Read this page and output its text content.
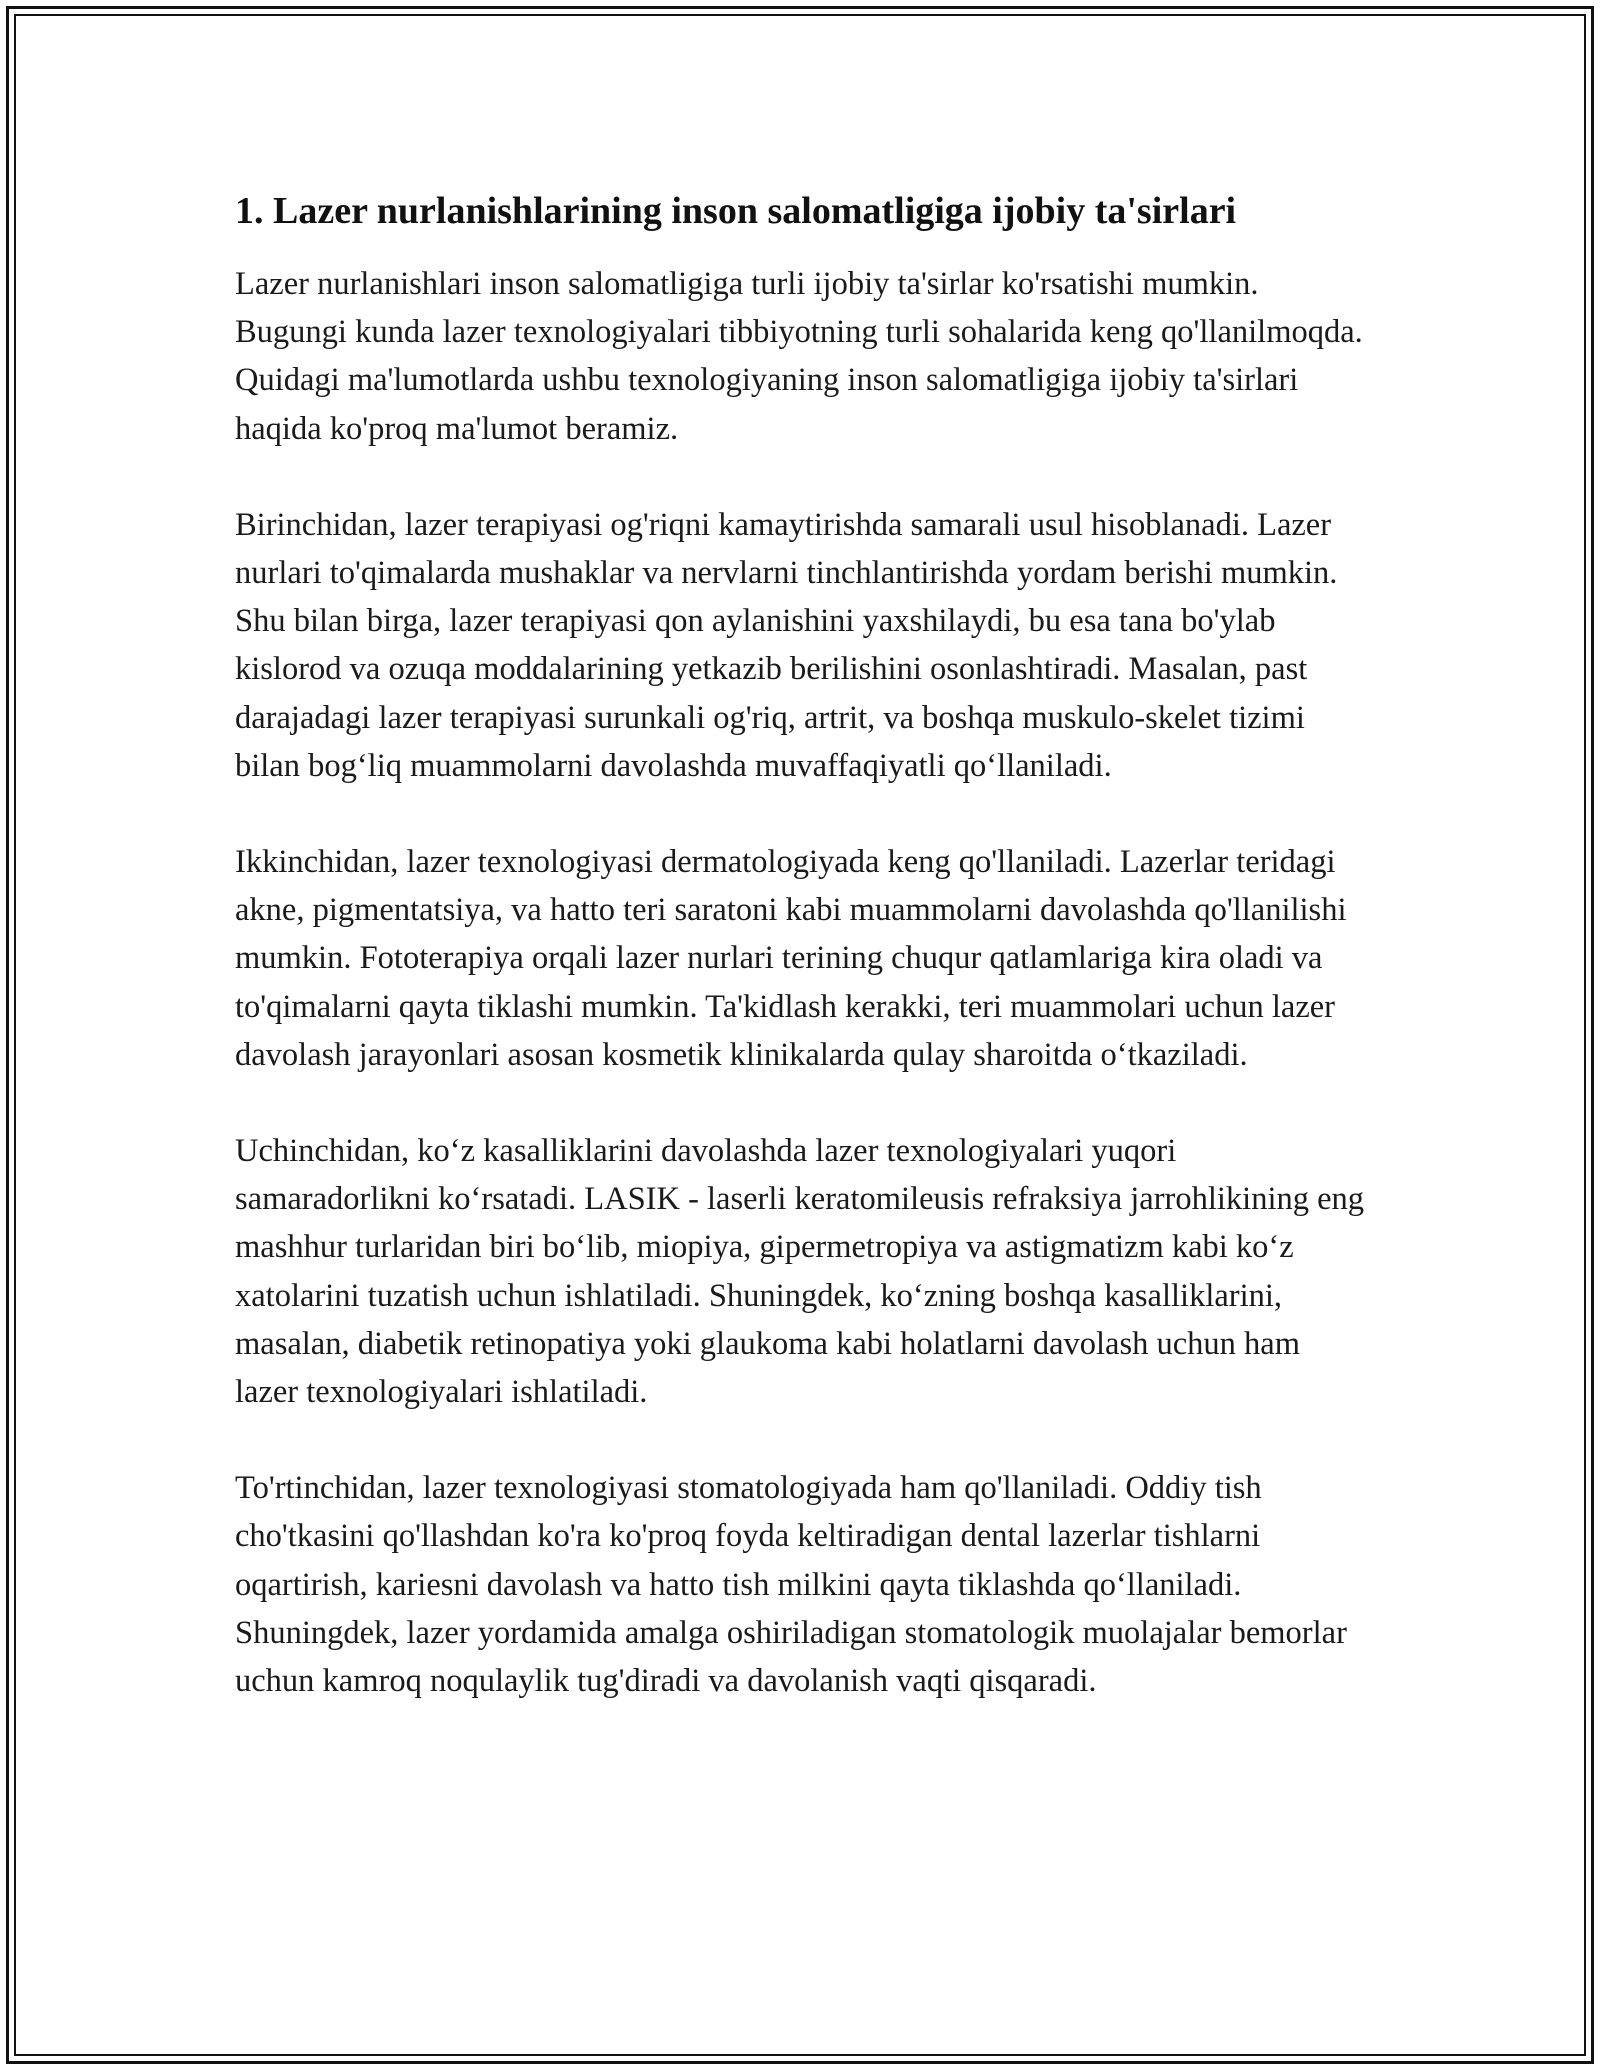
1. Lazer nurlanishlarining inson salomatligiga ijobiy ta'sirlari

Lazer nurlanishlari inson salomatligiga turli ijobiy ta'sirlar ko'rsatishi mumkin. Bugungi kunda lazer texnologiyalari tibbiyotning turli sohalarida keng qo'llanilmoqda. Quidagi ma'lumotlarda ushbu texnologiyaning inson salomatligiga ijobiy ta'sirlari haqida ko'proq ma'lumot beramiz.

Birinchidan, lazer terapiyasi og'riqni kamaytirishda samarali usul hisoblanadi. Lazer nurlari to'qimalarda mushaklar va nervlarni tinchlantirishda yordam berishi mumkin. Shu bilan birga, lazer terapiyasi qon aylanishini yaxshilaydi, bu esa tana bo'ylab kislorod va ozuqa moddalarining yetkazib berilishini osonlashtiradi. Masalan, past darajadagi lazer terapiyasi surunkali og'riq, artrit, va boshqa muskulo-skelet tizimi bilan bog‘liq muammolarni davolashda muvaffaqiyatli qo‘llaniladi.

Ikkinchidan, lazer texnologiyasi dermatologiyada keng qo'llaniladi. Lazerlar teridagi akne, pigmentatsiya, va hatto teri saratoni kabi muammolarni davolashda qo'llanilishi mumkin. Fototerapiya orqali lazer nurlari terining chuqur qatlamlariga kira oladi va to'qimalarni qayta tiklashi mumkin. Ta'kidlash kerakki, teri muammolari uchun lazer davolash jarayonlari asosan kosmetik klinikalarda qulay sharoitda o‘tkaziladi.

Uchinchidan, ko‘z kasalliklarini davolashda lazer texnologiyalari yuqori samaradorlikni ko‘rsatadi. LASIK - laserli keratomileusis refraksiya jarrohlikining eng mashhur turlaridan biri bo‘lib, miopiya, gipermetropiya va astigmatizm kabi ko‘z xatolarini tuzatish uchun ishlatiladi. Shuningdek, ko‘zning boshqa kasalliklarini, masalan, diabetik retinopatiya yoki glaukoma kabi holatlarni davolash uchun ham lazer texnologiyalari ishlatiladi.

To'rtinchidan, lazer texnologiyasi stomatologiyada ham qo'llaniladi. Oddiy tish cho'tkasini qo'llashdan ko'ra ko'proq foyda keltiradigan dental lazerlar tishlarni oqartirish, kariesni davolash va hatto tish milkini qayta tiklashda qo‘llaniladi. Shuningdek, lazer yordamida amalga oshiriladigan stomatologik muolajalar bemorlar uchun kamroq noqulaylik tug'diradi va davolanish vaqti qisqaradi.
